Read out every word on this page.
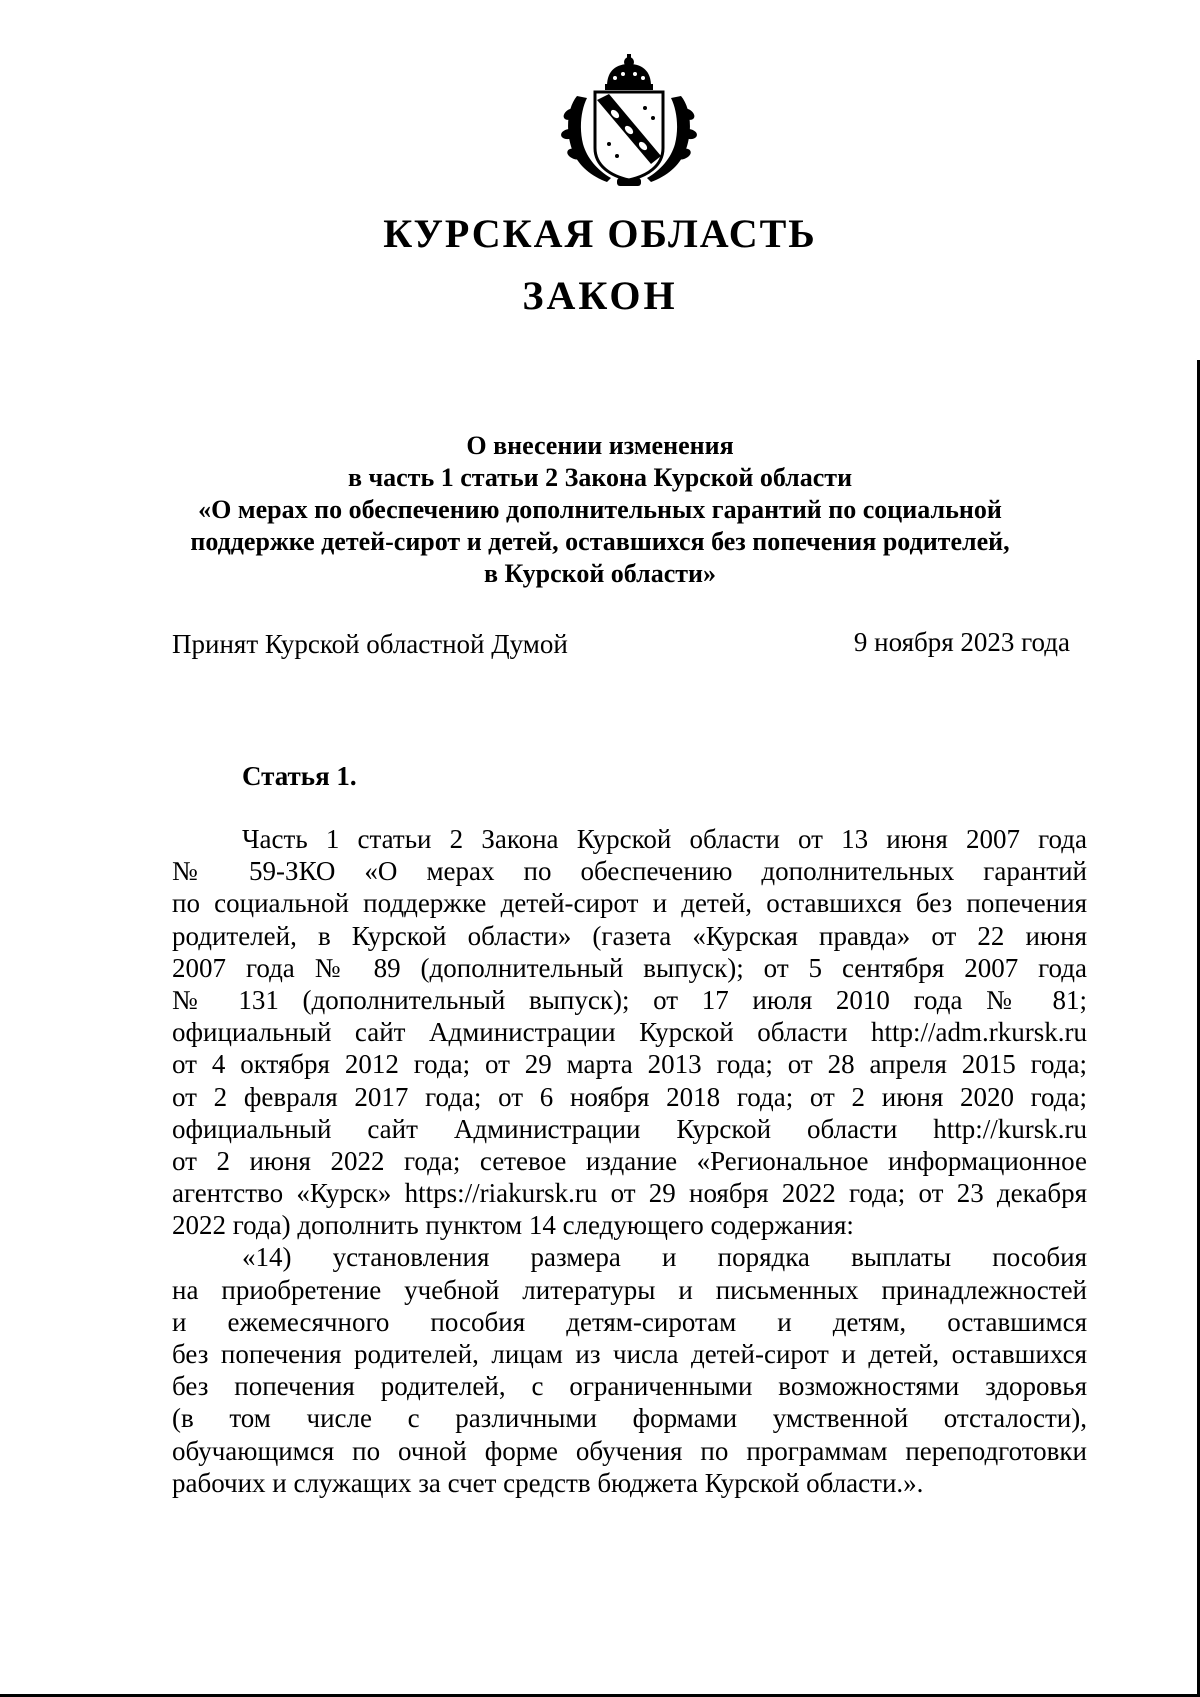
КУРСКАЯ ОБЛАСТЬ
ЗАКОН
О внесении изменения
в часть 1 статьи 2 Закона Курской области
«О мерах по обеспечению дополнительных гарантий по социальной
поддержке детей-сирот и детей, оставшихся без попечения родителей,
в Курской области»
Принят Курской областной Думой	9 ноября 2023 года
Статья 1.
Часть 1 статьи 2 Закона Курской области от 13 июня 2007 года
№ 59-ЗКО «О мерах по обеспечению дополнительных гарантий
по социальной поддержке детей-сирот и детей, оставшихся без попечения
родителей, в Курской области» (газета «Курская правда» от 22 июня
2007 года № 89 (дополнительный выпуск); от 5 сентября 2007 года
№ 131 (дополнительный выпуск); от 17 июля 2010 года № 81;
официальный сайт Администрации Курской области http://adm.rkursk.ru
от 4 октября 2012 года; от 29 марта 2013 года; от 28 апреля 2015 года;
от 2 февраля 2017 года; от 6 ноября 2018 года; от 2 июня 2020 года;
официальный сайт Администрации Курской области http://kursk.ru
от 2 июня 2022 года; сетевое издание «Региональное информационное
агентство «Курск» https://riakursk.ru от 29 ноября 2022 года; от 23 декабря
2022 года) дополнить пунктом 14 следующего содержания:
«14) установления размера и порядка выплаты пособия
на приобретение учебной литературы и письменных принадлежностей
и ежемесячного пособия детям-сиротам и детям, оставшимся
без попечения родителей, лицам из числа детей-сирот и детей, оставшихся
без попечения родителей, с ограниченными возможностями здоровья
(в том числе с различными формами умственной отсталости),
обучающимся по очной форме обучения по программам переподготовки
рабочих и служащих за счет средств бюджета Курской области.».
